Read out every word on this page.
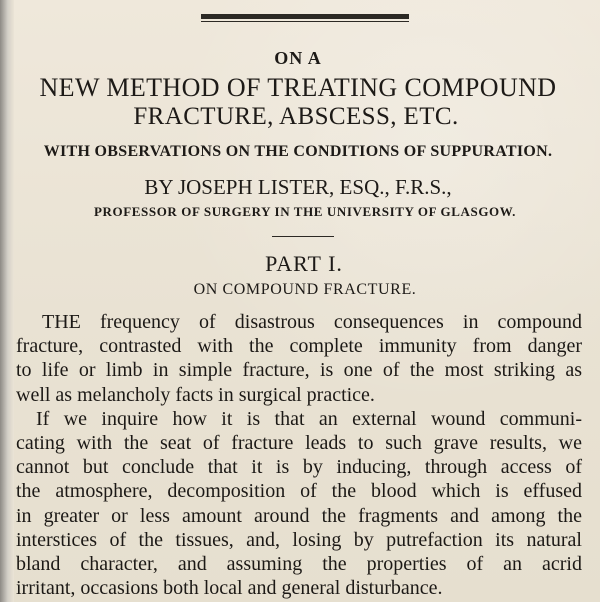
ON A
NEW METHOD OF TREATING COMPOUND
FRACTURE, ABSCESS, ETC.
WITH OBSERVATIONS ON THE CONDITIONS OF SUPPURATION.
BY JOSEPH LISTER, ESQ., F.R.S.,
PROFESSOR OF SURGERY IN THE UNIVERSITY OF GLASGOW.
PART I.
ON COMPOUND FRACTURE.
THE frequency of disastrous consequences in compound
fracture, contrasted with the complete immunity from danger
to life or limb in simple fracture, is one of the most striking as
well as melancholy facts in surgical practice.
If we inquire how it is that an external wound communi-
cating with the seat of fracture leads to such grave results, we
cannot but conclude that it is by inducing, through access of
the atmosphere, decomposition of the blood which is effused
in greater or less amount around the fragments and among the
interstices of the tissues, and, losing by putrefaction its natural
bland character, and assuming the properties of an acrid
irritant, occasions both local and general disturbance.
